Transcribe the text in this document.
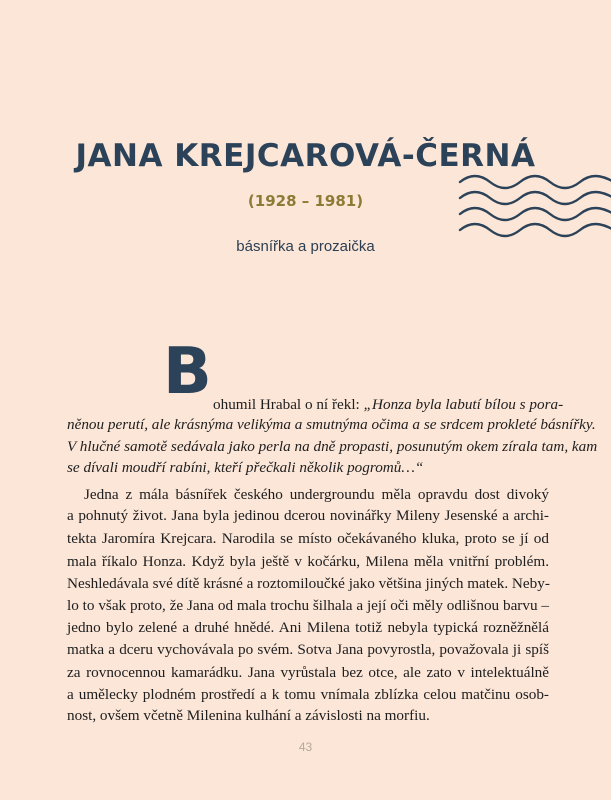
JANA KREJCAROVÁ-ČERNÁ
(1928 – 1981)
básnířka a prozaička
B ohumil Hrabal o ní řekl: „Honza byla labutí bílou s pora-

něnou perutí, ale krásnýma velikýma a smutnýma očima a se srdcem prokleté básnířky.

V hlučné samotě sedávala jako perla na dně propasti, posunutým okem zírala tam, kam

se dívali moudří rabíni, kteří přečkali několik pogromů…“

Jedna z mála básnířek českého undergroundu měla opravdu dost divoký

a pohnutý život. Jana byla jedinou dcerou novinářky Mileny Jesenské a archi-

tekta Jaromíra Krejcara. Narodila se místo očekávaného kluka, proto se jí od

mala říkalo Honza. Když byla ještě v kočárku, Milena měla vnitřní problém.

Neshledávala své dítě krásné a roztomiloučké jako většina jiných matek. Neby-

lo to však proto, že Jana od mala trochu šilhala a její oči měly odlišnou barvu –

jedno bylo zelené a druhé hnědé. Ani Milena totiž nebyla typická rozněžnělá

matka a dceru vychovávala po svém. Sotva Jana povyrostla, považovala ji spíš

za rovnocennou kamarádku. Jana vyrůstala bez otce, ale zato v intelektuálně

a umělecky plodném prostředí a k tomu vnímala zblízka celou matčinu osob-

nost, ovšem včetně Milenina kulhání a závislosti na morfiu.

43
